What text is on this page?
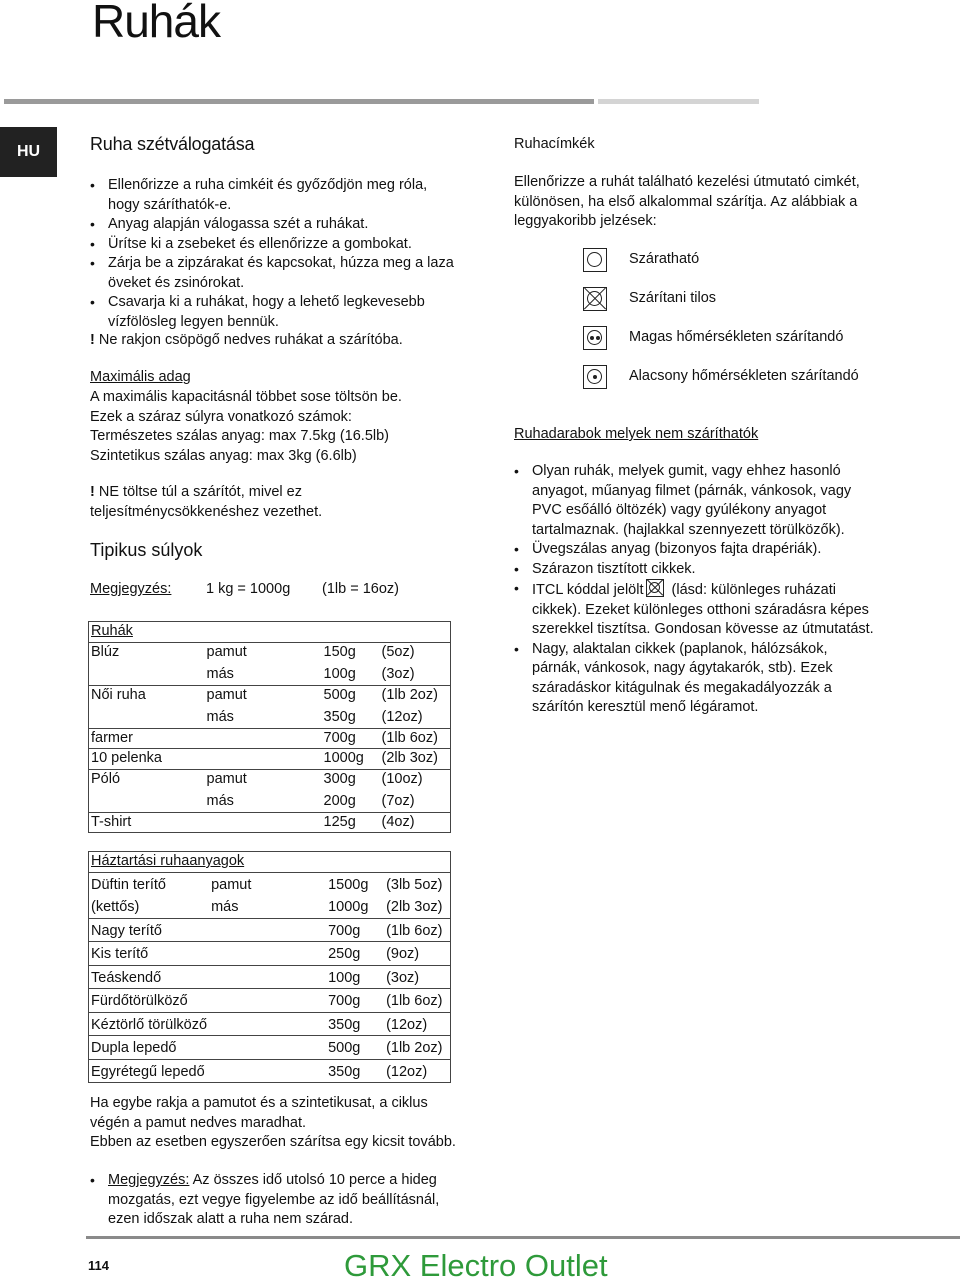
Ruhák
HU	Ruha szétválogatása
• Ellenőrizze a ruha cimkéit és győződjön meg róla, hogy száríthatók-e.
• Anyag alapján válogassa szét a ruhákat.
• Ürítse ki a zsebeket és ellenőrizze a gombokat.
• Zárja be a zipzárakat és kapcsokat, húzza meg a laza öveket és zsinórokat.
• Csavarja ki a ruhákat, hogy a lehető legkevesebb vízfölösleg legyen bennük.
! Ne rakjon csöpögő nedves ruhákat a szárítóba.
Maximális adag
A maximális kapacitásnál többet sose töltsön be.
Ezek a száraz súlyra vonatkozó számok:
Természetes szálas anyag: max 7.5kg (16.5lb)
Szintetikus szálas anyag: max 3kg (6.6lb)
! NE töltse túl a szárítót, mivel ez teljesítménycsökkenéshez vezethet.
Tipikus súlyok
Megjegyzés: 1 kg = 1000g (1lb = 16oz)
Ruhák			
Blúz	pamut	150g	(5oz)
	más	100g	(3oz)
Női ruha	pamut	500g	(1lb 2oz)
	más	350g	(12oz)
farmer		700g	(1lb 6oz)
10 pelenka		1000g	(2lb 3oz)
Póló	pamut	300g	(10oz)
	más	200g	(7oz)
T-shirt		125g	(4oz)
Háztartási ruhaanyagok			
Düftin terítő	pamut	1500g	(3lb 5oz)
(kettős)	más	1000g	(2lb 3oz)
Nagy terítő		700g	(1lb 6oz)
Kis terítő		250g	(9oz)
Teáskendő		100g	(3oz)
Fürdőtörülköző		700g	(1lb 6oz)
Kéztörlő törülköző		350g	(12oz)
Dupla lepedő		500g	(1lb 2oz)
Egyrétegű lepedő		350g	(12oz)
Ha egybe rakja a pamutot és a szintetikusat, a ciklus végén a pamut nedves maradhat.
Ebben az esetben egyszerően szárítsa egy kicsit tovább.
• Megjegyzés: Az összes idő utolsó 10 perce a hideg mozgatás, ezt vegye figyelembe az idő beállításnál, ezen időszak alatt a ruha nem szárad.
Ruhacímkék
Ellenőrizze a ruhát található kezelési útmutató cimkét, különösen, ha első alkalommal szárítja. Az alábbiak a leggyakoribb jelzések:
Száratható
Szárítani tilos
Magas hőmérsékleten szárítandó
Alacsony hőmérsékleten szárítandó
Ruhadarabok melyek nem száríthatók
• Olyan ruhák, melyek gumit, vagy ehhez hasonló anyagot, műanyag filmet (párnák, vánkosok, vagy PVC esőálló öltözék) vagy gyúlékony anyagot tartalmaznak. (hajlakkal szennyezett törülközők).
• Üvegszálas anyag (bizonyos fajta drapériák).
• Szárazon tisztított cikkek.
• ITCL kóddal jelölt
(lásd: különleges ruházati cikkek). Ezeket különleges otthoni száradásra képes szerekkel tisztítsa. Gondosan kövesse az útmutatást.
• Nagy, alaktalan cikkek (paplanok, hálózsákok, párnák, vánkosok, nagy ágytakarók, stb). Ezek száradáskor kitágulnak és megakadályozzák a szárítón keresztül menő légáramot.
114	GRX Electro Outlet
